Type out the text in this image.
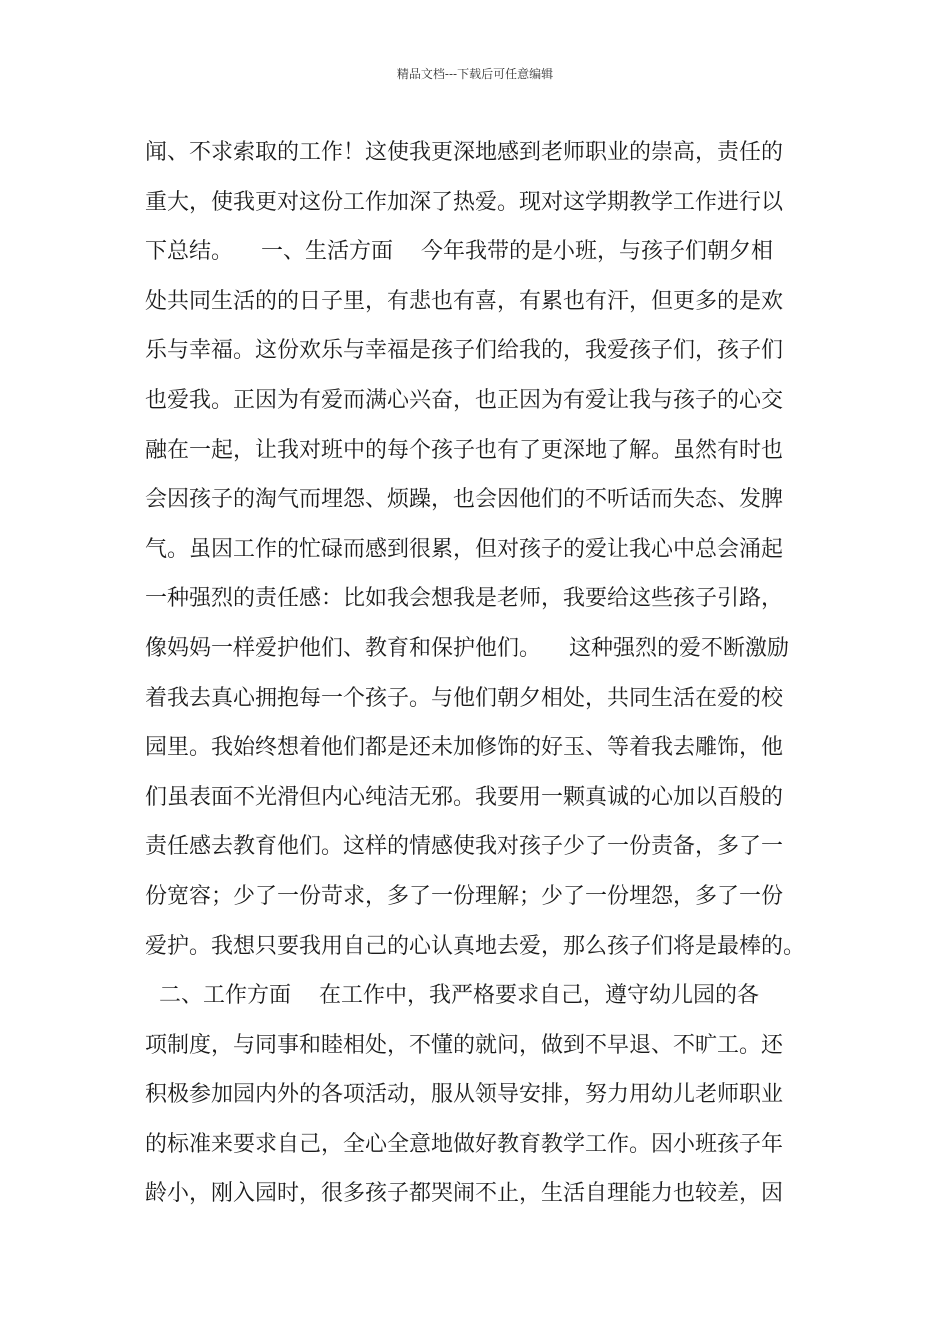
精品文档---下载后可任意编辑
闻、不求索取的工作！这使我更深地感到老师职业的崇高，责任的
重大，使我更对这份工作加深了热爱。现对这学期教学工作进行以
下总结。    一、生活方面    今年我带的是小班，与孩子们朝夕相
处共同生活的的日子里，有悲也有喜，有累也有汗，但更多的是欢
乐与幸福。这份欢乐与幸福是孩子们给我的，我爱孩子们，孩子们
也爱我。正因为有爱而满心兴奋，也正因为有爱让我与孩子的心交
融在一起，让我对班中的每个孩子也有了更深地了解。虽然有时也
会因孩子的淘气而埋怨、烦躁，也会因他们的不听话而失态、发脾
气。虽因工作的忙碌而感到很累，但对孩子的爱让我心中总会涌起
一种强烈的责任感：比如我会想我是老师，我要给这些孩子引路，
像妈妈一样爱护他们、教育和保护他们。    这种强烈的爱不断激励
着我去真心拥抱每一个孩子。与他们朝夕相处，共同生活在爱的校
园里。我始终想着他们都是还未加修饰的好玉、等着我去雕饰，他
们虽表面不光滑但内心纯洁无邪。我要用一颗真诚的心加以百般的
责任感去教育他们。这样的情感使我对孩子少了一份责备，多了一
份宽容；少了一份苛求，多了一份理解；少了一份埋怨，多了一份
爱护。我想只要我用自己的心认真地去爱，那么孩子们将是最棒的。
二、工作方面    在工作中，我严格要求自己，遵守幼儿园的各
项制度，与同事和睦相处，不懂的就问，做到不早退、不旷工。还
积极参加园内外的各项活动，服从领导安排，努力用幼儿老师职业
的标准来要求自己，全心全意地做好教育教学工作。因小班孩子年
龄小，刚入园时，很多孩子都哭闹不止，生活自理能力也较差，因
